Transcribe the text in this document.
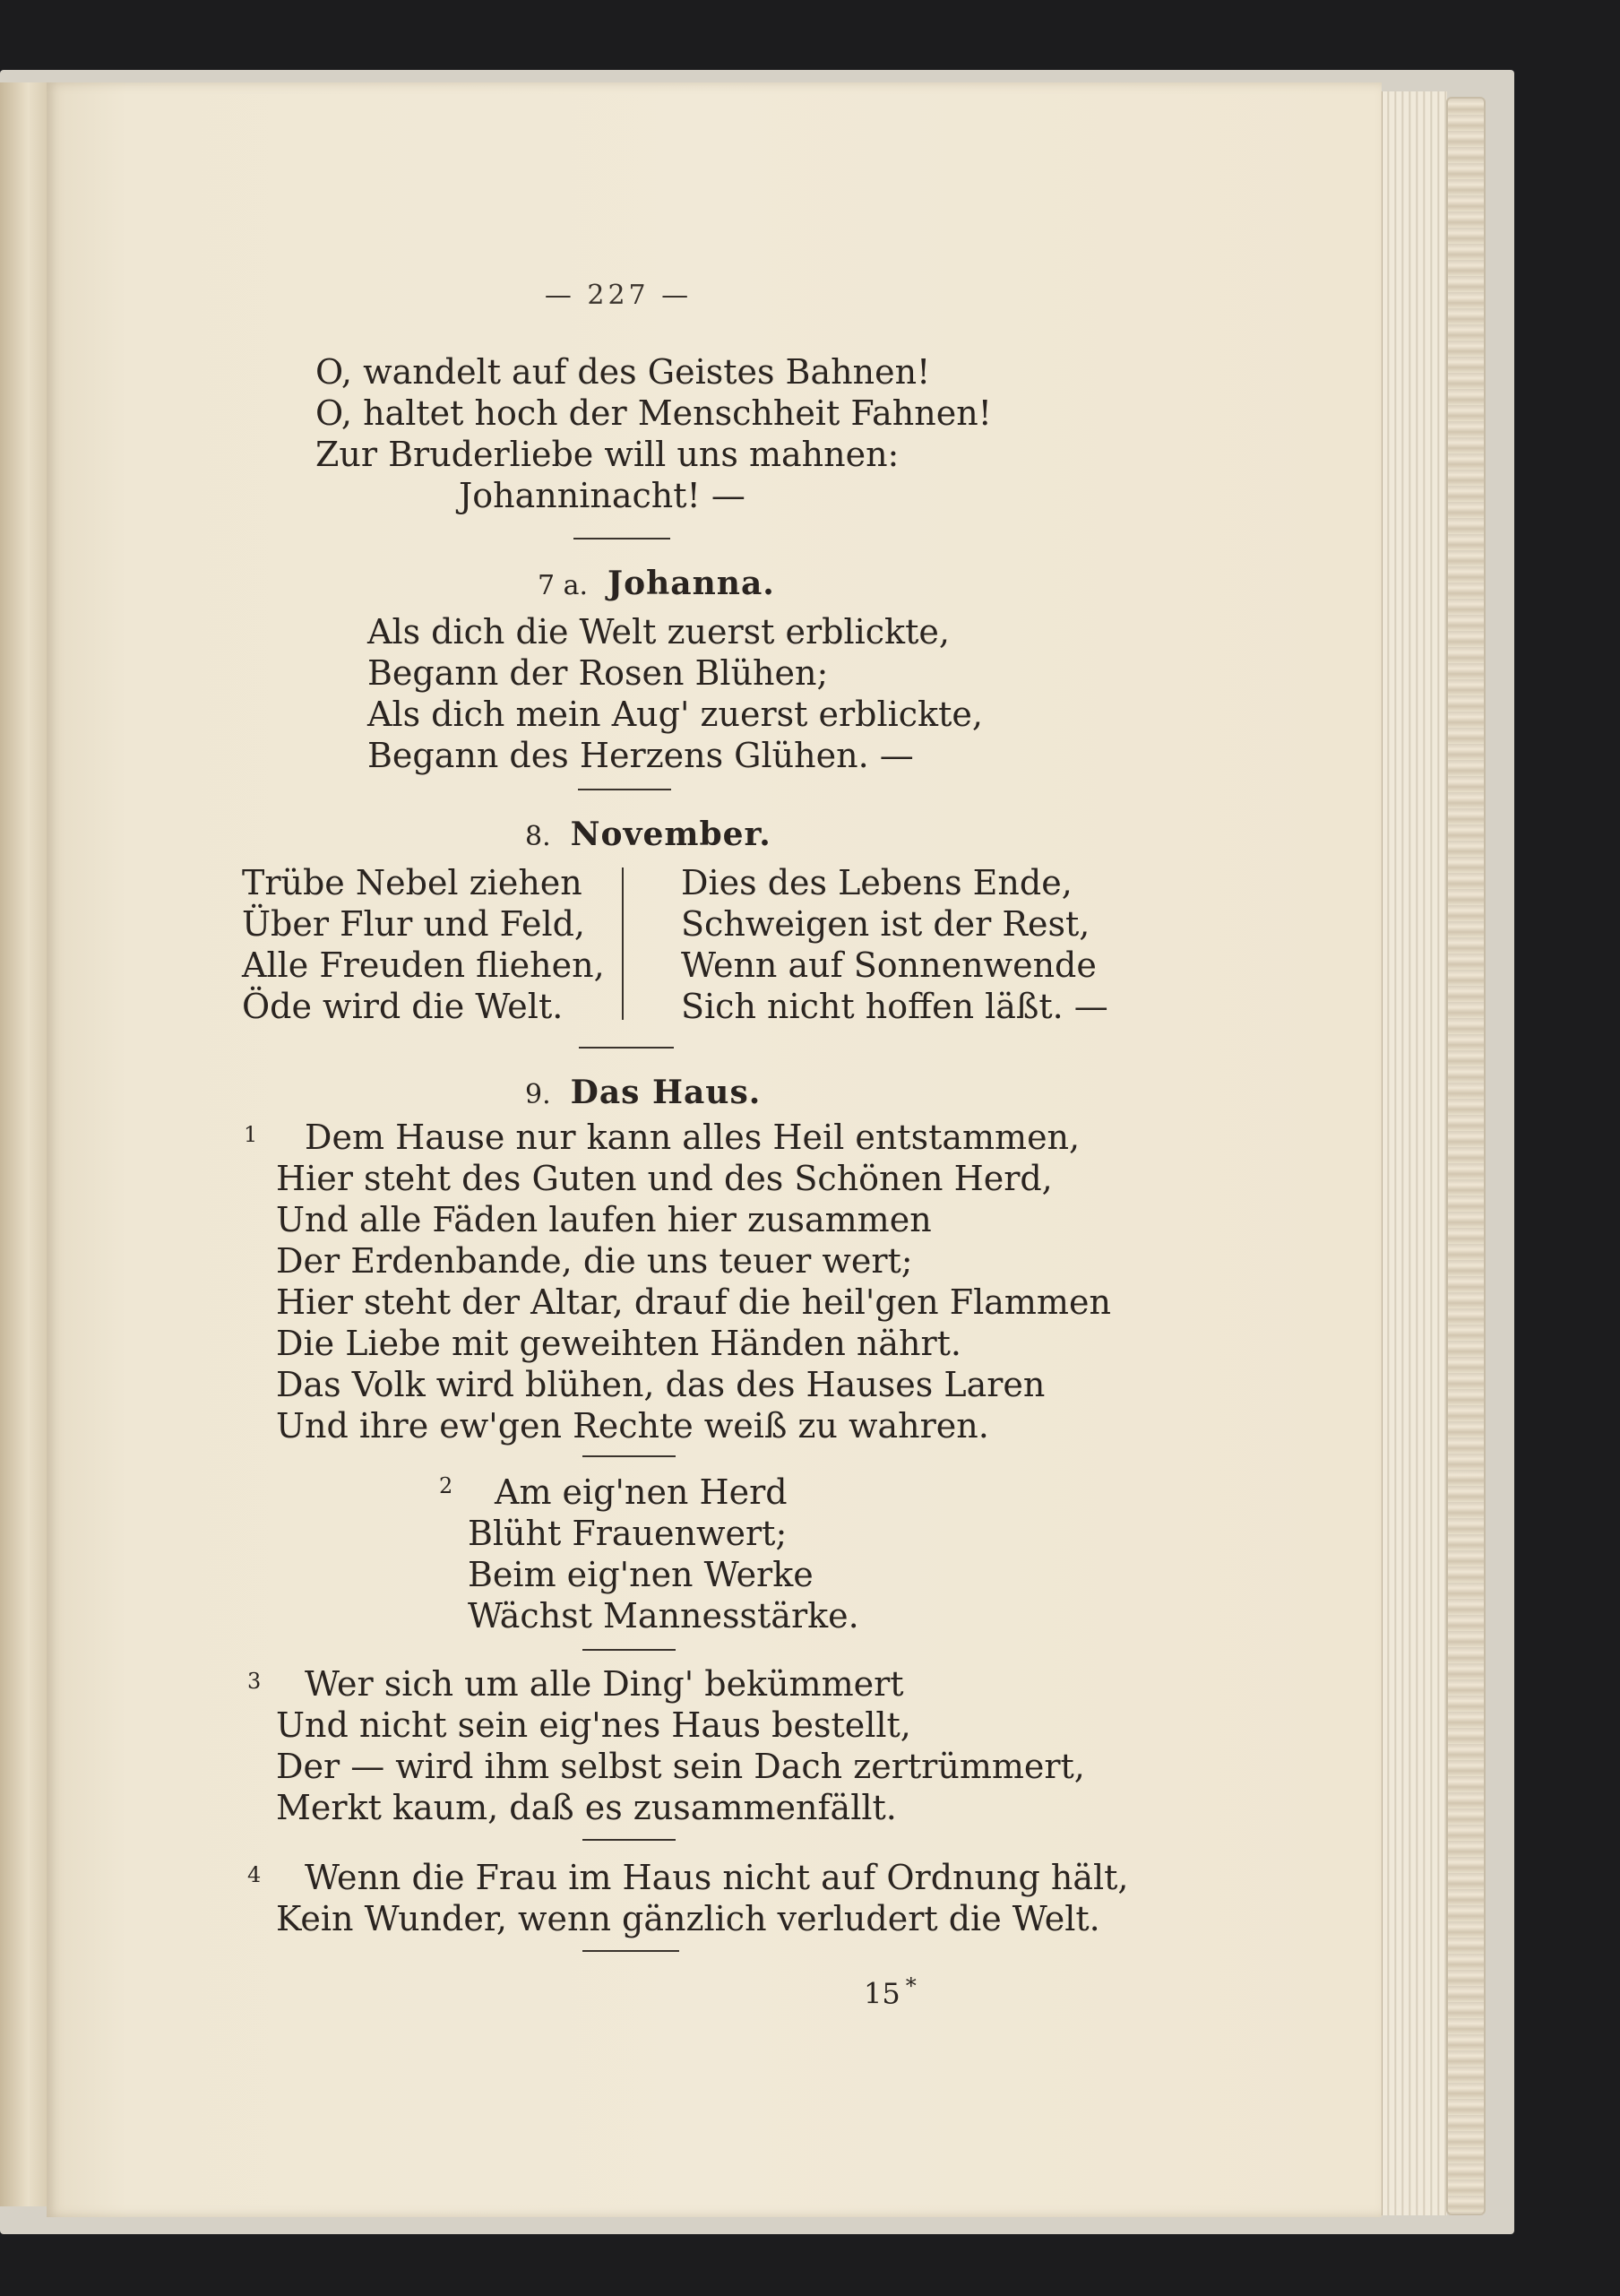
— 227 —
O, wandelt auf des Geistes Bahnen!
O, haltet hoch der Menschheit Fahnen!
Zur Bruderliebe will uns mahnen:
Johanninacht! —
7 a. Johanna.
Als dich die Welt zuerst erblickte,
Begann der Rosen Blühen;
Als dich mein Aug' zuerst erblickte,
Begann des Herzens Glühen. —
8. November.
Trübe Nebel ziehen
Über Flur und Feld,
Alle Freuden fliehen,
Öde wird die Welt.
Dies des Lebens Ende,
Schweigen ist der Rest,
Wenn auf Sonnenwende
Sich nicht hoffen läßt. —
9. Das Haus.
1	Dem Hause nur kann alles Heil entstammen,
Hier steht des Guten und des Schönen Herd,
Und alle Fäden laufen hier zusammen
Der Erdenbande, die uns teuer wert;
Hier steht der Altar, drauf die heil'gen Flammen
Die Liebe mit geweihten Händen nährt.
Das Volk wird blühen, das des Hauses Laren
Und ihre ew'gen Rechte weiß zu wahren.
2	Am eig'nen Herd
Blüht Frauenwert;
Beim eig'nen Werke
Wächst Mannesstärke.
3	Wer sich um alle Ding' bekümmert
Und nicht sein eig'nes Haus bestellt,
Der — wird ihm selbst sein Dach zertrümmert,
Merkt kaum, daß es zusammenfällt.
4	Wenn die Frau im Haus nicht auf Ordnung hält,
Kein Wunder, wenn gänzlich verludert die Welt.
15 *
